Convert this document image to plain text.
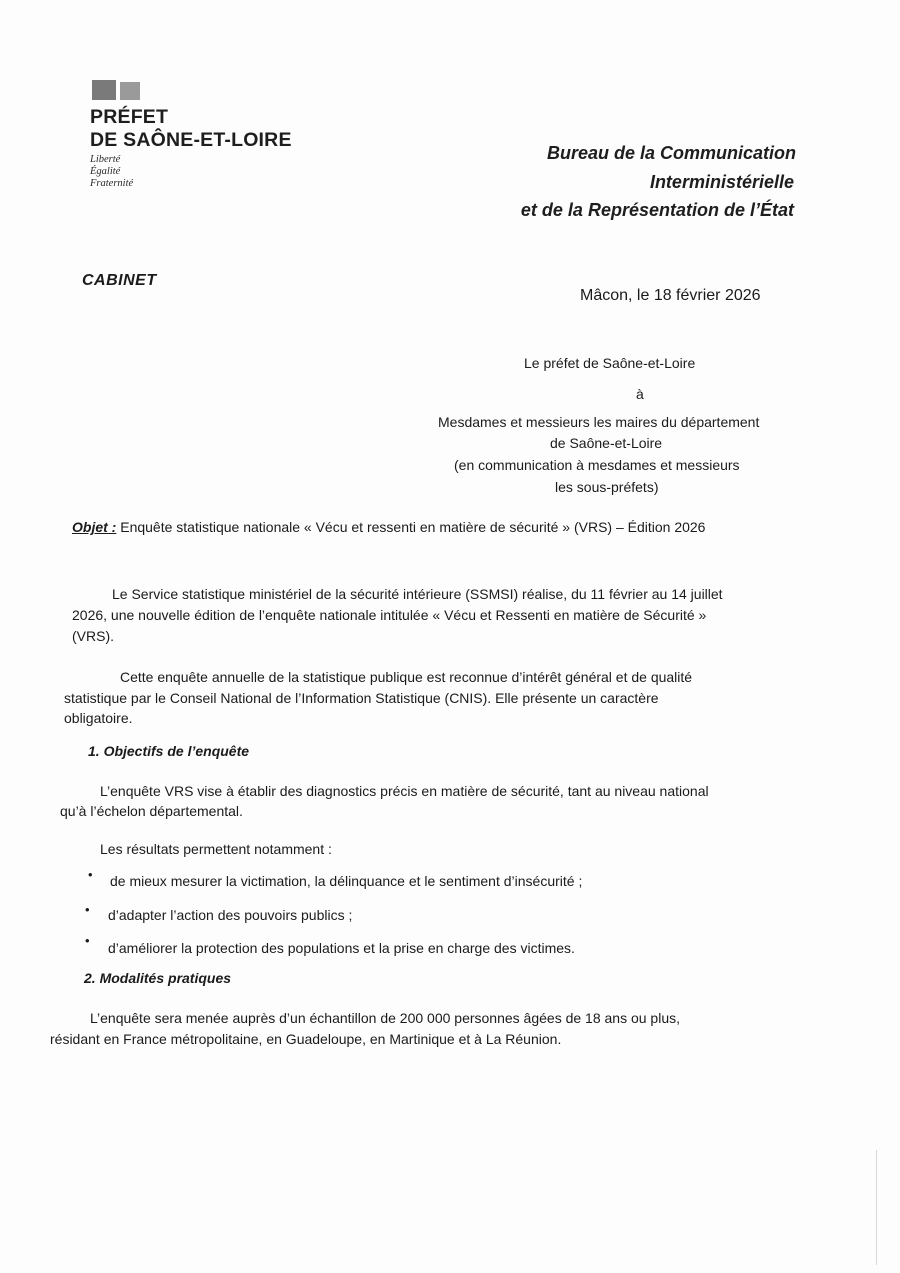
PRÉFET
DE SAÔNE-ET-LOIRE
Liberté
Égalité
Fraternité
Bureau de la Communication
Interministérielle
et de la Représentation de l’État
CABINET
Mâcon, le 18 février 2026
Le préfet de Saône-et-Loire
à
Mesdames et messieurs les maires du département
de Saône-et-Loire
(en communication à mesdames et messieurs
les sous-préfets)
Objet : Enquête statistique nationale « Vécu et ressenti en matière de sécurité » (VRS) – Édition 2026
Le Service statistique ministériel de la sécurité intérieure (SSMSI) réalise, du 11 février au 14 juillet
2026, une nouvelle édition de l’enquête nationale intitulée « Vécu et Ressenti en matière de Sécurité »
(VRS).
Cette enquête annuelle de la statistique publique est reconnue d’intérêt général et de qualité
statistique par le Conseil National de l’Information Statistique (CNIS). Elle présente un caractère
obligatoire.
1. Objectifs de l’enquête
L’enquête VRS vise à établir des diagnostics précis en matière de sécurité, tant au niveau national
qu’à l’échelon départemental.
Les résultats permettent notamment :
• de mieux mesurer la victimation, la délinquance et le sentiment d’insécurité ;
• d’adapter l’action des pouvoirs publics ;
• d’améliorer la protection des populations et la prise en charge des victimes.
2. Modalités pratiques
L’enquête sera menée auprès d’un échantillon de 200 000 personnes âgées de 18 ans ou plus,
résidant en France métropolitaine, en Guadeloupe, en Martinique et à La Réunion.
